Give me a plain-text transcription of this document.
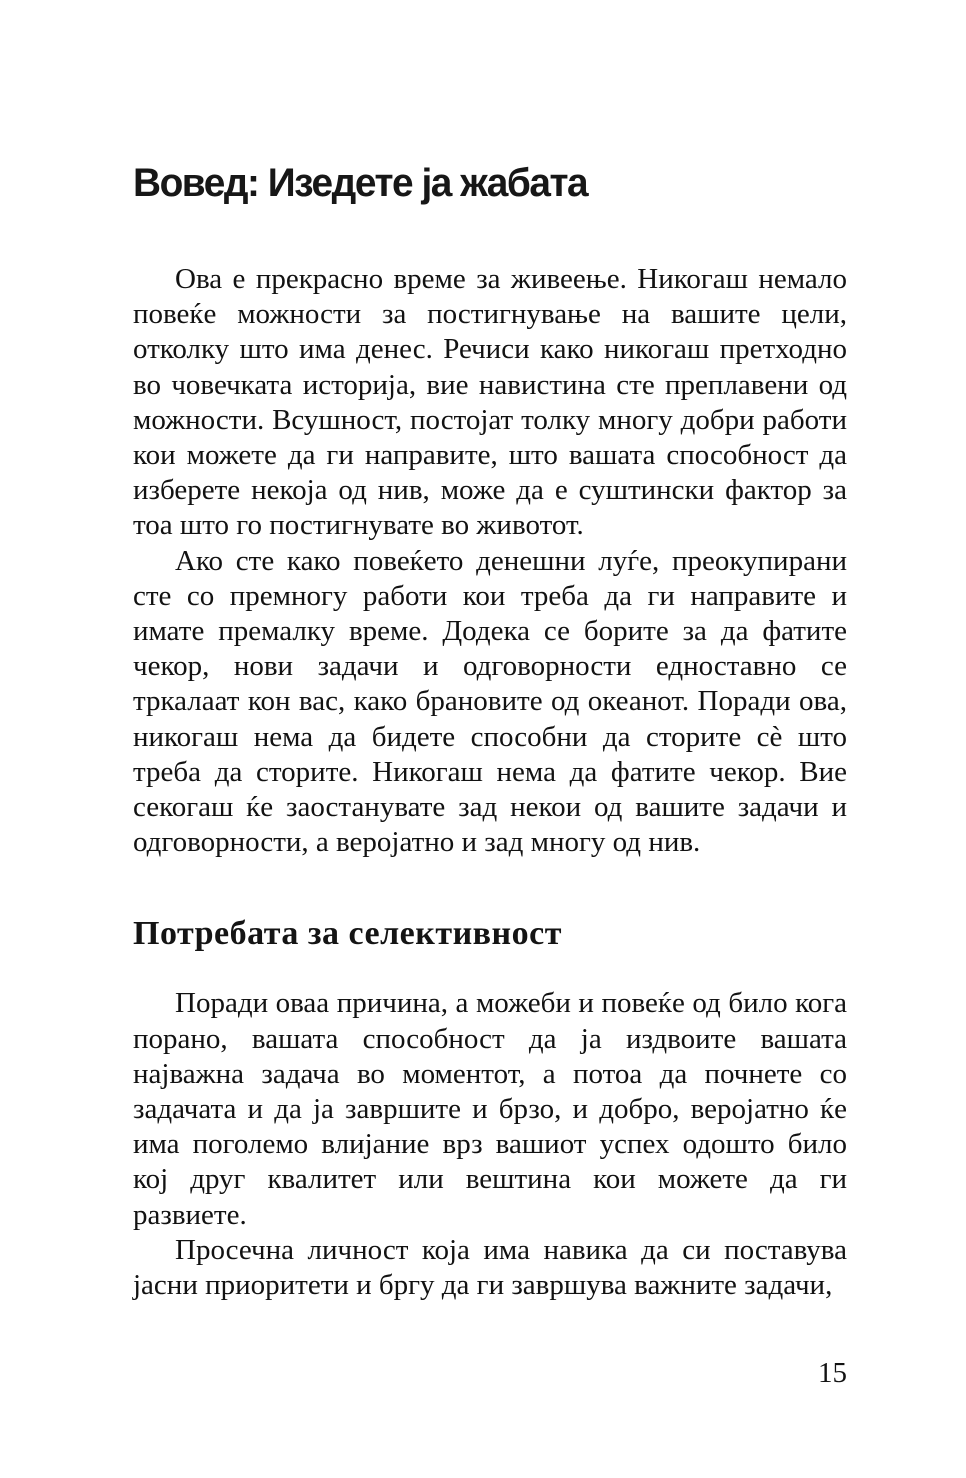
Вовед: Изедете ја жабата

Ова е прекрасно време за живеење. Никогаш немало повеќе можности за постигнување на вашите цели, отколку што има денес. Речиси како никогаш претходно во човечката историја, вие навистина сте преплавени од можности. Всушност, постојат толку многу добри работи кои можете да ги направите, што вашата способност да изберете некоја од нив, може да е суштински фактор за тоа што го постигнувате во животот.

Ако сте како повеќето денешни луѓе, преокупирани сте со премногу работи кои треба да ги направите и имате премалку време. Додека се борите за да фатите чекор, нови задачи и одговорности едноставно се тркалаат кон вас, како брановите од океанот. Поради ова, никогаш нема да бидете способни да сторите сѐ што треба да сторите. Никогаш нема да фатите чекор. Вие секогаш ќе заостанувате зад некои од вашите задачи и одговорности, а веројатно и зад многу од нив.

Потребата за селективност

Поради оваа причина, а можеби и повеќе од било кога порано, вашата способност да ја издвоите вашата најважна задача во моментот, а потоа да почнете со задачата и да ја завршите и брзо, и добро, веројатно ќе има поголемо влијание врз вашиот успех одошто било кој друг квалитет или вештина кои можете да ги развиете.

Просечна личност која има навика да си поставува јасни приоритети и бргу да ги завршува важните задачи,

15
